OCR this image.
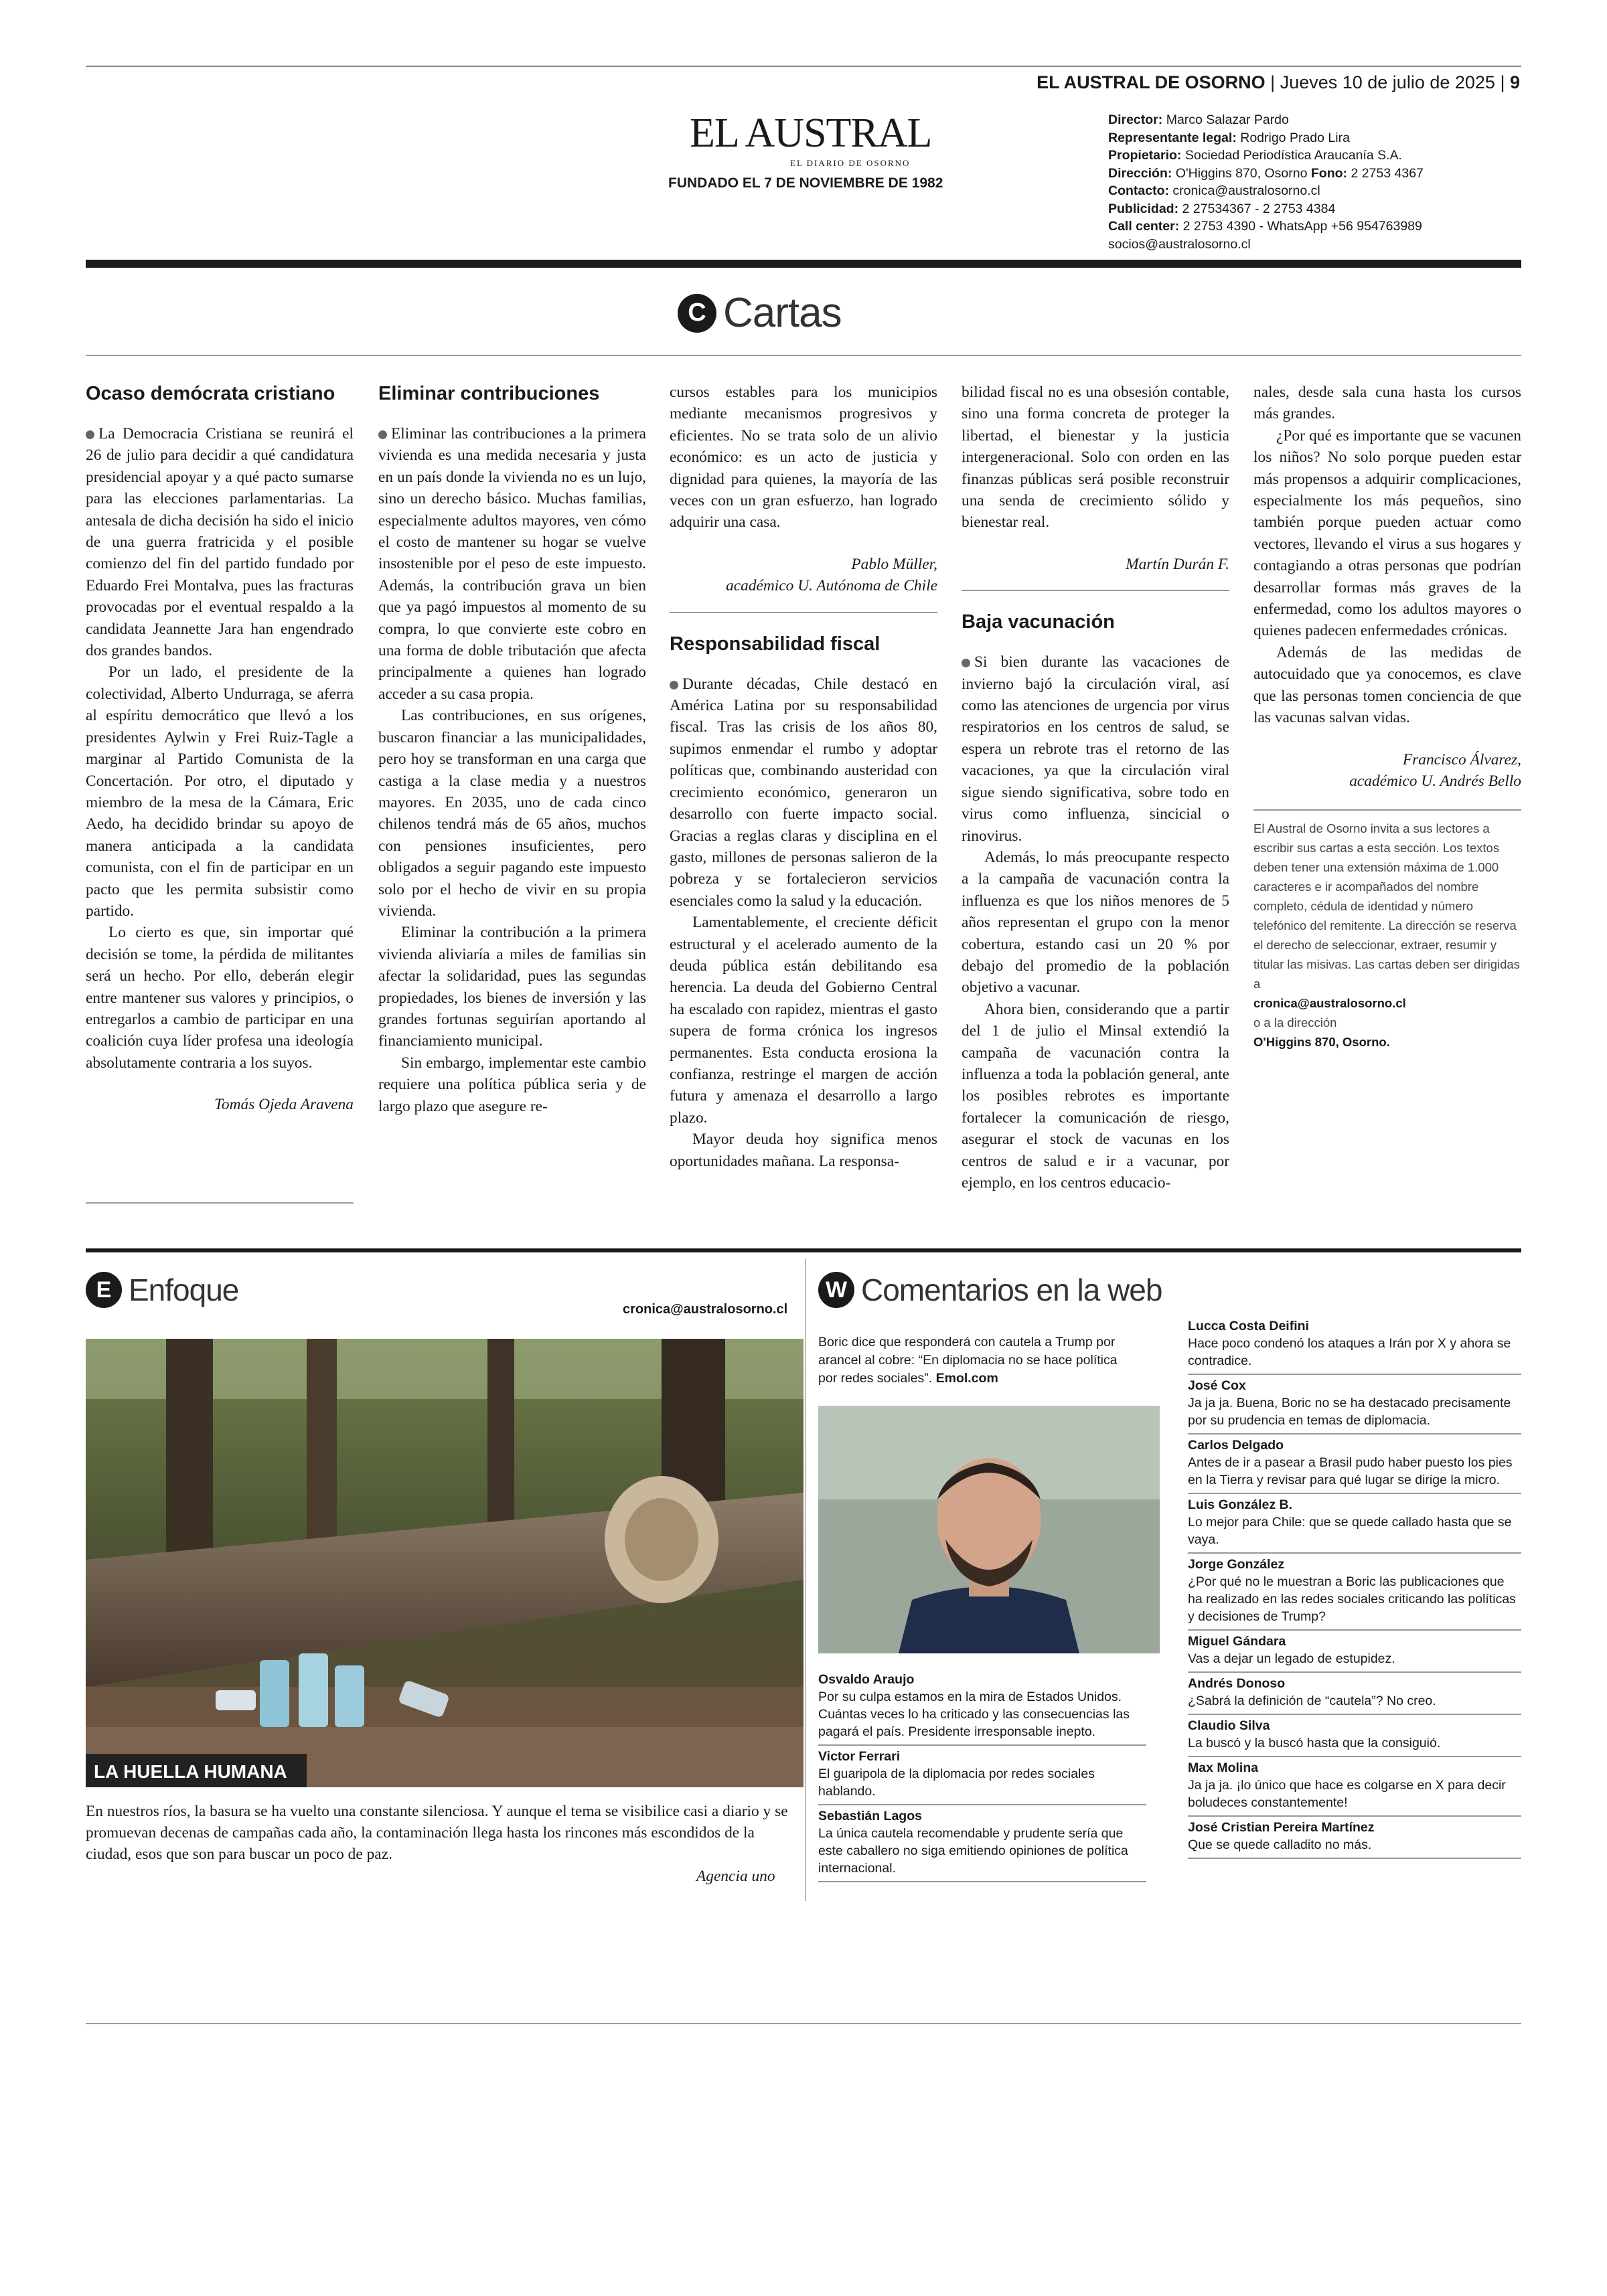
EL AUSTRAL DE OSORNO | Jueves 10 de julio de 2025 | 9
EL AUSTRAL
EL DIARIO DE OSORNO
FUNDADO EL 7 DE NOVIEMBRE DE 1982
Director: Marco Salazar Pardo
Representante legal: Rodrigo Prado Lira
Propietario: Sociedad Periodística Araucanía S.A.
Dirección: O'Higgins 870, Osorno Fono: 2 2753 4367
Contacto: cronica@australosorno.cl
Publicidad: 2 27534367 - 2 2753 4384
Call center: 2 2753 4390 - WhatsApp +56 954763989
socios@australosorno.cl
C Cartas
Ocaso demócrata cristiano

La Democracia Cristiana se reunirá el 26 de julio para decidir a qué candidatura presidencial apoyar y a qué pacto sumarse para las elecciones parlamentarias. La antesala de dicha decisión ha sido el inicio de una guerra fratricida y el posible comienzo del fin del partido fundado por Eduardo Frei Montalva, pues las fracturas provocadas por el eventual respaldo a la candidata Jeannette Jara han engendrado dos grandes bandos.

Por un lado, el presidente de la colectividad, Alberto Undurraga, se aferra al espíritu democrático que llevó a los presidentes Aylwin y Frei Ruiz-Tagle a marginar al Partido Comunista de la Concertación. Por otro, el diputado y miembro de la mesa de la Cámara, Eric Aedo, ha decidido brindar su apoyo de manera anticipada a la candidata comunista, con el fin de participar en un pacto que les permita subsistir como partido.

Lo cierto es que, sin importar qué decisión se tome, la pérdida de militantes será un hecho. Por ello, deberán elegir entre mantener sus valores y principios, o entregarlos a cambio de participar en una coalición cuya líder profesa una ideología absolutamente contraria a los suyos.

Tomás Ojeda Aravena

Eliminar contribuciones

Eliminar las contribuciones a la primera vivienda es una medida necesaria y justa en un país donde la vivienda no es un lujo, sino un derecho básico. Muchas familias, especialmente adultos mayores, ven cómo el costo de mantener su hogar se vuelve insostenible por el peso de este impuesto. Además, la contribución grava un bien que ya pagó impuestos al momento de su compra, lo que convierte este cobro en una forma de doble tributación que afecta principalmente a quienes han logrado acceder a su casa propia.

Las contribuciones, en sus orígenes, buscaron financiar a las municipalidades, pero hoy se transforman en una carga que castiga a la clase media y a nuestros mayores. En 2035, uno de cada cinco chilenos tendrá más de 65 años, muchos con pensiones insuficientes, pero obligados a seguir pagando este impuesto solo por el hecho de vivir en su propia vivienda.

Eliminar la contribución a la primera vivienda aliviaría a miles de familias sin afectar la solidaridad, pues las segundas propiedades, los bienes de inversión y las grandes fortunas seguirían aportando al financiamiento municipal.

Sin embargo, implementar este cambio requiere una política pública seria y de largo plazo que asegure re-

cursos estables para los municipios mediante mecanismos progresivos y eficientes. No se trata solo de un alivio económico: es un acto de justicia y dignidad para quienes, la mayoría de las veces con un gran esfuerzo, han logrado adquirir una casa.

Pablo Müller,
académico U. Autónoma de Chile

Responsabilidad fiscal

Durante décadas, Chile destacó en América Latina por su responsabilidad fiscal. Tras las crisis de los años 80, supimos enmendar el rumbo y adoptar políticas que, combinando austeridad con crecimiento económico, generaron un desarrollo con fuerte impacto social. Gracias a reglas claras y disciplina en el gasto, millones de personas salieron de la pobreza y se fortalecieron servicios esenciales como la salud y la educación.

Lamentablemente, el creciente déficit estructural y el acelerado aumento de la deuda pública están debilitando esa herencia. La deuda del Gobierno Central ha escalado con rapidez, mientras el gasto supera de forma crónica los ingresos permanentes. Esta conducta erosiona la confianza, restringe el margen de acción futura y amenaza el desarrollo a largo plazo.

Mayor deuda hoy significa menos oportunidades mañana. La responsa-

bilidad fiscal no es una obsesión contable, sino una forma concreta de proteger la libertad, el bienestar y la justicia intergeneracional. Solo con orden en las finanzas públicas será posible reconstruir una senda de crecimiento sólido y bienestar real.

Martín Durán F.

Baja vacunación

Si bien durante las vacaciones de invierno bajó la circulación viral, así como las atenciones de urgencia por virus respiratorios en los centros de salud, se espera un rebrote tras el retorno de las vacaciones, ya que la circulación viral sigue siendo significativa, sobre todo en virus como influenza, sincicial o rinovirus.

Además, lo más preocupante respecto a la campaña de vacunación contra la influenza es que los niños menores de 5 años representan el grupo con la menor cobertura, estando casi un 20 % por debajo del promedio de la población objetivo a vacunar.

Ahora bien, considerando que a partir del 1 de julio el Minsal extendió la campaña de vacunación contra la influenza a toda la población general, ante los posibles rebrotes es importante fortalecer la comunicación de riesgo, asegurar el stock de vacunas en los centros de salud e ir a vacunar, por ejemplo, en los centros educacio-

nales, desde sala cuna hasta los cursos más grandes.

¿Por qué es importante que se vacunen los niños? No solo porque pueden estar más propensos a adquirir complicaciones, especialmente los más pequeños, sino también porque pueden actuar como vectores, llevando el virus a sus hogares y contagiando a otras personas que podrían desarrollar formas más graves de la enfermedad, como los adultos mayores o quienes padecen enfermedades crónicas.

Además de las medidas de autocuidado que ya conocemos, es clave que las personas tomen conciencia de que las vacunas salvan vidas.

Francisco Álvarez,
académico U. Andrés Bello

El Austral de Osorno invita a sus lectores a escribir sus cartas a esta sección. Los textos deben tener una extensión máxima de 1.000 caracteres e ir acompañados del nombre completo, cédula de identidad y número telefónico del remitente. La dirección se reserva el derecho de seleccionar, extraer, resumir y titular las misivas. Las cartas deben ser dirigidas a
cronica@australosorno.cl
o a la dirección
O'Higgins 870, Osorno.
E Enfoque
cronica@australosorno.cl
LA HUELLA HUMANA
En nuestros ríos, la basura se ha vuelto una constante silenciosa. Y aunque el tema se visibilice casi a diario y se promuevan decenas de campañas cada año, la contaminación llega hasta los rincones más escondidos de la ciudad, esos que son para buscar un poco de paz.
Agencia uno
W Comentarios en la web
Boric dice que responderá con cautela a Trump por arancel al cobre: “En diplomacia no se hace política por redes sociales”. Emol.com
Osvaldo Araujo
Por su culpa estamos en la mira de Estados Unidos. Cuántas veces lo ha criticado y las consecuencias las pagará el país. Presidente irresponsable inepto.
Victor Ferrari
El guaripola de la diplomacia por redes sociales hablando.
Sebastián Lagos
La única cautela recomendable y prudente sería que este caballero no siga emitiendo opiniones de política internacional.
Lucca Costa Deifini
Hace poco condenó los ataques a Irán por X y ahora se contradice.
José Cox
Ja ja ja. Buena, Boric no se ha destacado precisamente por su prudencia en temas de diplomacia.
Carlos Delgado
Antes de ir a pasear a Brasil pudo haber puesto los pies en la Tierra y revisar para qué lugar se dirige la micro.
Luis González B.
Lo mejor para Chile: que se quede callado hasta que se vaya.
Jorge González
¿Por qué no le muestran a Boric las publicaciones que ha realizado en las redes sociales criticando las políticas y decisiones de Trump?
Miguel Gándara
Vas a dejar un legado de estupidez.
Andrés Donoso
¿Sabrá la definición de “cautela”? No creo.
Claudio Silva
La buscó y la buscó hasta que la consiguió.
Max Molina
Ja ja ja. ¡lo único que hace es colgarse en X para decir boludeces constantemente!
José Cristian Pereira Martínez
Que se quede calladito no más.
